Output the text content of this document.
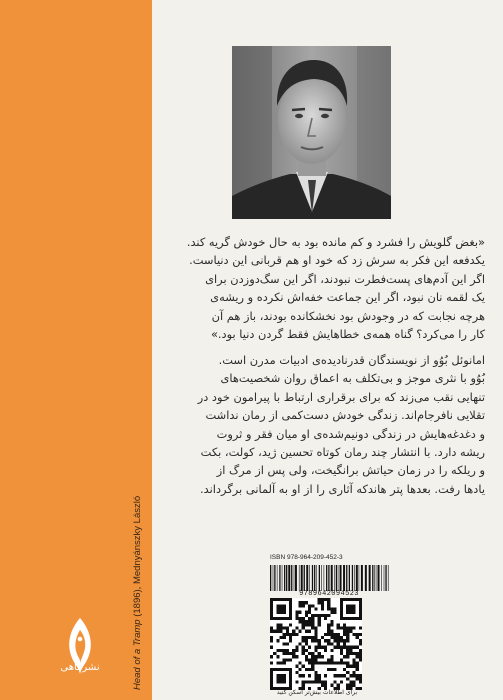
Head of a Tramp (1896), Mednyánszky László
نشرماهی
«بغض گلویش را فشرد و کم مانده بود به حال خودش گریه کند.
یکدفعه این فکر به سرش زد که خود او هم قربانی این دنیاست.
اگر این آدم‌های پست‌فطرت نبودند، اگر این سگ‌دوزدن برای
یک لقمه نان نبود، اگر این جماعت خفه‌اش نکرده و ریشه‌ی
هرچه نجابت که در وجودش بود نخشکانده بودند، باز هم آن
کار را می‌کرد؟ گناه همه‌ی خطاهایش فقط گردن دنیا بود.»
امانوئل بُوُو از نویسندگان قدرنادیده‌ی ادبیات مدرن است.
بُوُو با نثری موجز و بی‌تکلف به اعماق روان شخصیت‌های
تنهایی نقب می‌زند که برای برقراری ارتباط با پیرامون خود در
تقلایی نافرجام‌اند. زندگی خودش دست‌کمی از رمان نداشت
و دغدغه‌هایش در زندگی دونیم‌شده‌ی او میان فقر و ثروت
ریشه دارد. با انتشار چند رمان کوتاه تحسین ژید، کولت، بکت
و ریلکه را در زمان حیاتش برانگیخت، ولی پس از مرگ از
یادها رفت. بعدها پتر هاندکه آثاری را از او به آلمانی برگرداند.
ISBN 978-964-209-452-3
9789642094523
برای اطلاعات بیش‌تر اسکن کنید
